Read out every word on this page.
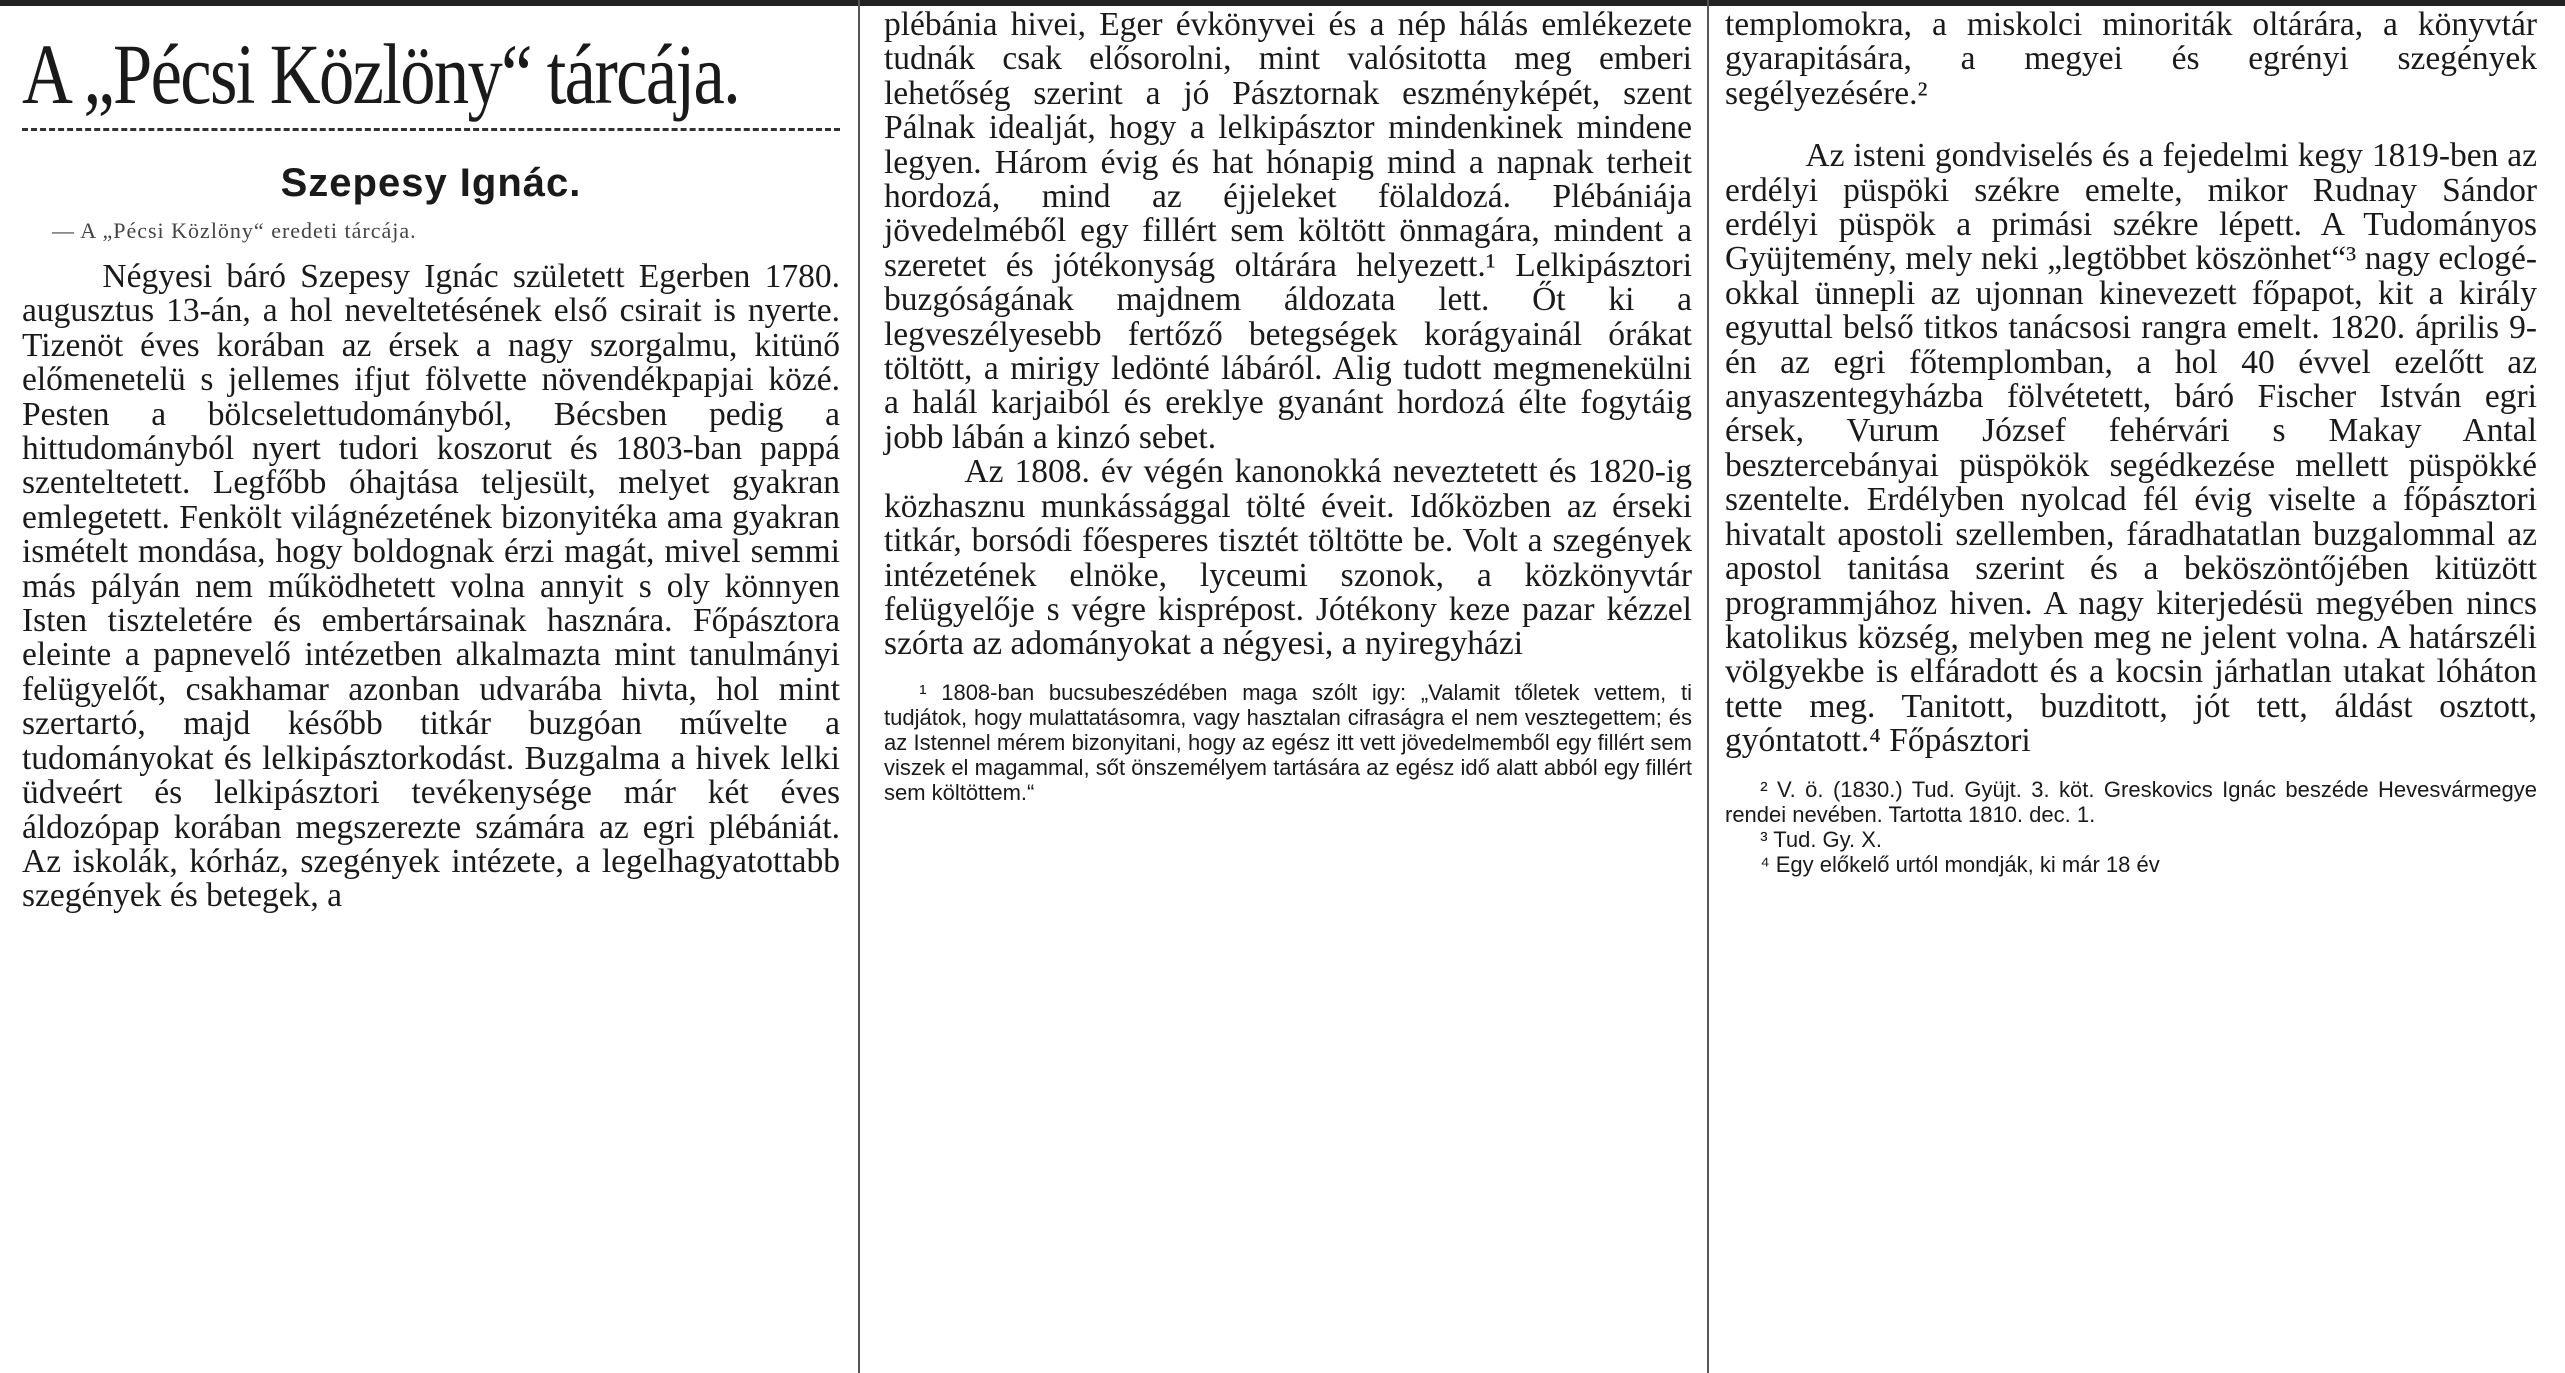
A „Pécsi Közlöny“ tárcája.
Szepesy Ignác.
— A „Pécsi Közlöny“ eredeti tárcája.

Négyesi báró Szepesy Ignác született Egerben 1780. augusztus 13-án, a hol neveltetésének első csirait is nyerte. Tizenöt éves korában az érsek a nagy szorgalmu, kitünő előmenetelü s jellemes ifjut fölvette növendékpapjai közé. Pesten a bölcselettudományból, Bécsben pedig a hittudományból nyert tudori koszorut és 1803-ban pappá szenteltetett. Legfőbb óhajtása teljesült, melyet gyakran emlegetett. Fenkölt világnézetének bizonyitéka ama gyakran ismételt mondása, hogy boldognak érzi magát, mivel semmi más pályán nem működhetett volna annyit s oly könnyen Isten tiszteletére és embertársainak hasznára. Főpásztora eleinte a papnevelő intézetben alkalmazta mint tanulmányi felügyelőt, csakhamar azonban udvarába hivta, hol mint szertartó, majd később titkár buzgóan művelte a tudományokat és lelkipásztorkodást. Buzgalma a hivek lelki üdveért és lelkipásztori tevékenysége már két éves áldozópap korában megszerezte számára az egri plébániát. Az iskolák, kórház, szegények intézete, a legelhagyatottabb szegények és betegek, a

plébánia hivei, Eger évkönyvei és a nép hálás emlékezete tudnák csak elősorolni, mint valósitotta meg emberi lehetőség szerint a jó Pásztornak eszményképét, szent Pálnak idealját, hogy a lelkipásztor mindenkinek mindene legyen. Három évig és hat hónapig mind a napnak terheit hordozá, mind az éjjeleket fölaldozá. Plébániája jövedelméből egy fillért sem költött önmagára, mindent a szeretet és jótékonyság oltárára helyezett.¹ Lelkipásztori buzgóságának majdnem áldozata lett. Őt ki a legveszélyesebb fertőző betegségek korágyainál órákat töltött, a mirigy ledönté lábáról. Alig tudott megmenekülni a halál karjaiból és ereklye gyanánt hordozá élte fogytáig jobb lábán a kinzó sebet.

Az 1808. év végén kanonokká neveztetett és 1820-ig közhasznu munkássággal tölté éveit. Időközben az érseki titkár, borsódi főesperes tisztét töltötte be. Volt a szegények intézetének elnöke, lyceumi szonok, a közkönyvtár felügyelője s végre kisprépost. Jótékony keze pazar kézzel szórta az adományokat a négyesi, a nyiregyházi

¹ 1808-ban bucsubeszédében maga szólt igy: „Valamit tőletek vettem, ti tudjátok, hogy mulattatásomra, vagy hasztalan cifraságra el nem vesztegettem; és az Istennel mérem bizonyitani, hogy az egész itt vett jövedelmemből egy fillért sem viszek el magammal, sőt önszemélyem tartására az egész idő alatt abból egy fillért sem költöttem.“

templomokra, a miskolci minoriták oltárára, a könyvtár gyarapitására, a megyei és egrényi szegények segélyezésére.²

Az isteni gondviselés és a fejedelmi kegy 1819-ben az erdélyi püspöki székre emelte, mikor Rudnay Sándor erdélyi püspök a primási székre lépett. A Tudományos Gyüjtemény, mely neki „legtöbbet köszönhet“³ nagy eclogé-okkal ünnepli az ujonnan kinevezett főpapot, kit a király egyuttal belső titkos tanácsosi rangra emelt. 1820. április 9-én az egri főtemplomban, a hol 40 évvel ezelőtt az anyaszentegyházba fölvétetett, báró Fischer István egri érsek, Vurum József fehérvári s Makay Antal besztercebányai püspökök segédkezése mellett püspökké szentelte. Erdélyben nyolcad fél évig viselte a főpásztori hivatalt apostoli szellemben, fáradhatatlan buzgalommal az apostol tanitása szerint és a beköszöntőjében kitüzött programmjához hiven. A nagy kiterjedésü megyében nincs katolikus község, melyben meg ne jelent volna. A határszéli völgyekbe is elfáradott és a kocsin járhatlan utakat lóháton tette meg. Tanitott, buzditott, jót tett, áldást osztott, gyóntatott.⁴ Főpásztori

² V. ö. (1830.) Tud. Gyüjt. 3. köt. Greskovics Ignác beszéde Hevesvármegye rendei nevében. Tartotta 1810. dec. 1.

³ Tud. Gy. X.

⁴ Egy előkelő urtól mondják, ki már 18 év
